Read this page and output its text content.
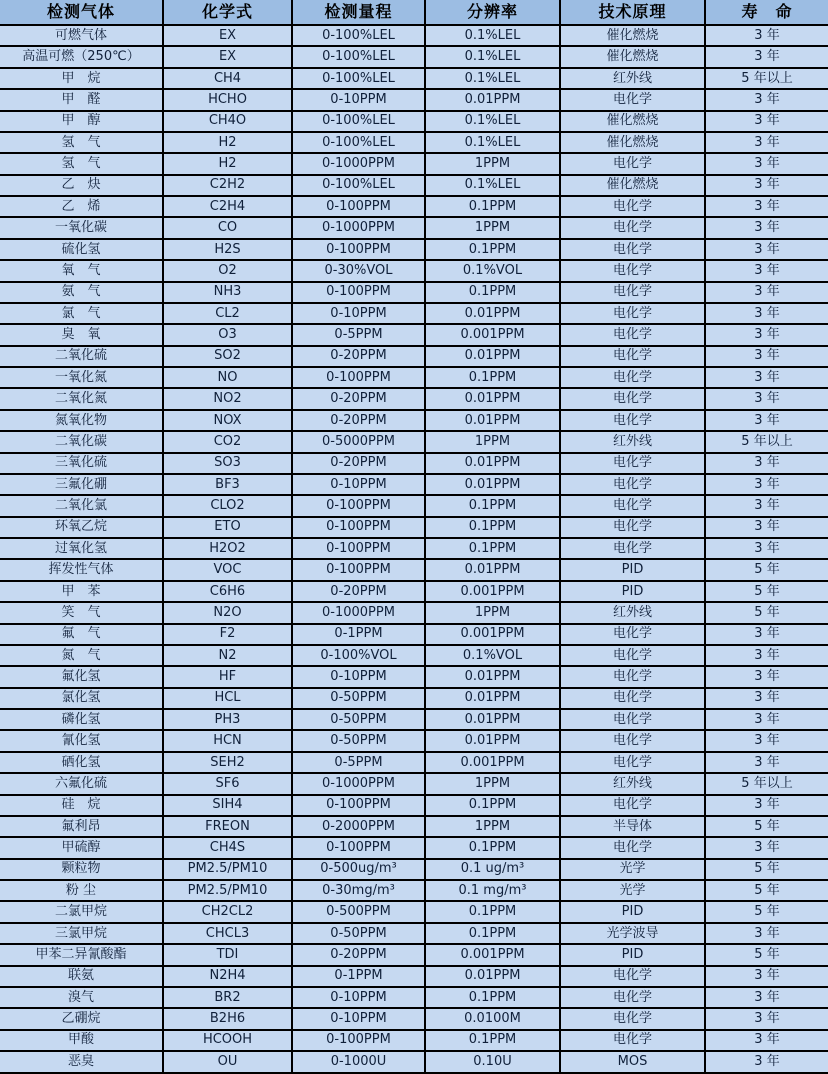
检测气体	化学式	检测量程	分辨率	技术原理	寿　命
可燃气体	EX	0-100%LEL	0.1%LEL	催化燃烧	3 年
高温可燃（250℃）	EX	0-100%LEL	0.1%LEL	催化燃烧	3 年
甲　烷	CH4	0-100%LEL	0.1%LEL	红外线	5 年以上
甲　醛	HCHO	0-10PPM	0.01PPM	电化学	3 年
甲　醇	CH4O	0-100%LEL	0.1%LEL	催化燃烧	3 年
氢　气	H2	0-100%LEL	0.1%LEL	催化燃烧	3 年
氢　气	H2	0-1000PPM	1PPM	电化学	3 年
乙　炔	C2H2	0-100%LEL	0.1%LEL	催化燃烧	3 年
乙　烯	C2H4	0-100PPM	0.1PPM	电化学	3 年
一氧化碳	CO	0-1000PPM	1PPM	电化学	3 年
硫化氢	H2S	0-100PPM	0.1PPM	电化学	3 年
氧　气	O2	0-30%VOL	0.1%VOL	电化学	3 年
氨　气	NH3	0-100PPM	0.1PPM	电化学	3 年
氯　气	CL2	0-10PPM	0.01PPM	电化学	3 年
臭　氧	O3	0-5PPM	0.001PPM	电化学	3 年
二氧化硫	SO2	0-20PPM	0.01PPM	电化学	3 年
一氧化氮	NO	0-100PPM	0.1PPM	电化学	3 年
二氧化氮	NO2	0-20PPM	0.01PPM	电化学	3 年
氮氧化物	NOX	0-20PPM	0.01PPM	电化学	3 年
二氧化碳	CO2	0-5000PPM	1PPM	红外线	5 年以上
三氧化硫	SO3	0-20PPM	0.01PPM	电化学	3 年
三氟化硼	BF3	0-10PPM	0.01PPM	电化学	3 年
二氧化氯	CLO2	0-100PPM	0.1PPM	电化学	3 年
环氧乙烷	ETO	0-100PPM	0.1PPM	电化学	3 年
过氧化氢	H2O2	0-100PPM	0.1PPM	电化学	3 年
挥发性气体	VOC	0-100PPM	0.01PPM	PID	5 年
甲　苯	C6H6	0-20PPM	0.001PPM	PID	5 年
笑　气	N2O	0-1000PPM	1PPM	红外线	5 年
氟　气	F2	0-1PPM	0.001PPM	电化学	3 年
氮　气	N2	0-100%VOL	0.1%VOL	电化学	3 年
氟化氢	HF	0-10PPM	0.01PPM	电化学	3 年
氯化氢	HCL	0-50PPM	0.01PPM	电化学	3 年
磷化氢	PH3	0-50PPM	0.01PPM	电化学	3 年
氰化氢	HCN	0-50PPM	0.01PPM	电化学	3 年
硒化氢	SEH2	0-5PPM	0.001PPM	电化学	3 年
六氟化硫	SF6	0-1000PPM	1PPM	红外线	5 年以上
硅　烷	SIH4	0-100PPM	0.1PPM	电化学	3 年
氟利昂	FREON	0-2000PPM	1PPM	半导体	5 年
甲硫醇	CH4S	0-100PPM	0.1PPM	电化学	3 年
颗粒物	PM2.5/PM10	0-500ug/m³	0.1 ug/m³	光学	5 年
粉 尘	PM2.5/PM10	0-30mg/m³	0.1 mg/m³	光学	5 年
二氯甲烷	CH2CL2	0-500PPM	0.1PPM	PID	5 年
三氯甲烷	CHCL3	0-50PPM	0.1PPM	光学波导	3 年
甲苯二异氰酸酯	TDI	0-20PPM	0.001PPM	PID	5 年
联氨	N2H4	0-1PPM	0.01PPM	电化学	3 年
溴气	BR2	0-10PPM	0.1PPM	电化学	3 年
乙硼烷	B2H6	0-10PPM	0.0100M	电化学	3 年
甲酸	HCOOH	0-100PPM	0.1PPM	电化学	3 年
恶臭	OU	0-1000U	0.10U	MOS	3 年
